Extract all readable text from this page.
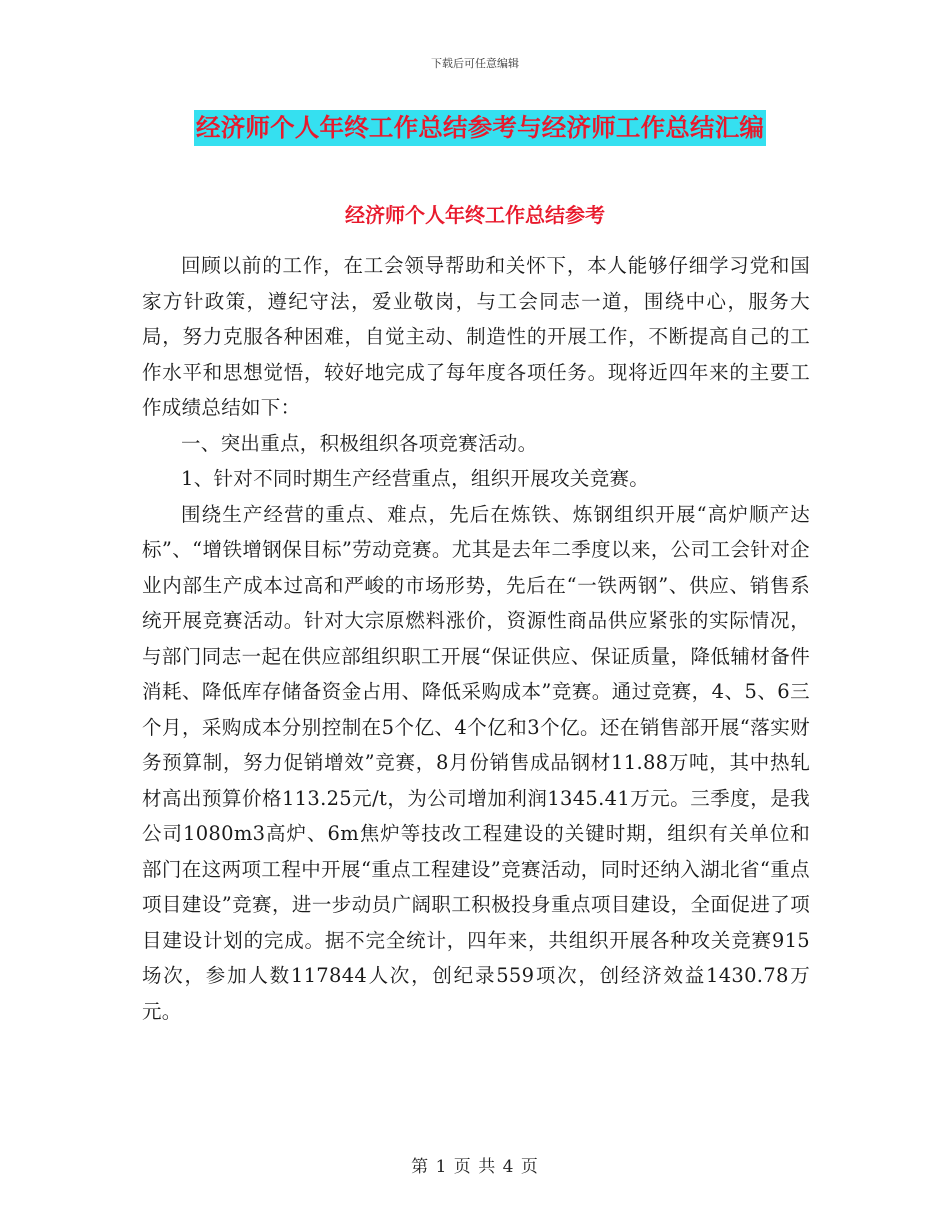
下载后可任意编辑
经济师个人年终工作总结参考与经济师工作总结汇编
经济师个人年终工作总结参考

回顾以前的工作，在工会领导帮助和关怀下，本人能够仔细学习党和国家方针政策，遵纪守法，爱业敬岗，与工会同志一道，围绕中心，服务大局，努力克服各种困难，自觉主动、制造性的开展工作，不断提高自己的工作水平和思想觉悟，较好地完成了每年度各项任务。现将近四年来的主要工作成绩总结如下：

一、突出重点，积极组织各项竞赛活动。

1、针对不同时期生产经营重点，组织开展攻关竞赛。

围绕生产经营的重点、难点，先后在炼铁、炼钢组织开展“高炉顺产达标”、“增铁增钢保目标”劳动竞赛。尤其是去年二季度以来，公司工会针对企业内部生产成本过高和严峻的市场形势，先后在“一铁两钢”、供应、销售系统开展竞赛活动。针对大宗原燃料涨价，资源性商品供应紧张的实际情况，与部门同志一起在供应部组织职工开展“保证供应、保证质量，降低辅材备件消耗、降低库存储备资金占用、降低采购成本”竞赛。通过竞赛，4、5、6三个月，采购成本分别控制在5个亿、4个亿和3个亿。还在销售部开展“落实财务预算制，努力促销增效”竞赛，8月份销售成品钢材11.88万吨，其中热轧材高出预算价格113.25元/t，为公司增加利润1345.41万元。三季度，是我公司1080m3高炉、6m焦炉等技改工程建设的关键时期，组织有关单位和部门在这两项工程中开展“重点工程建设”竞赛活动，同时还纳入湖北省“重点项目建设”竞赛，进一步动员广阔职工积极投身重点项目建设，全面促进了项目建设计划的完成。据不完全统计，四年来，共组织开展各种攻关竞赛915场次，参加人数117844人次，创纪录559项次，创经济效益1430.78万元。

第 1 页 共 4 页
